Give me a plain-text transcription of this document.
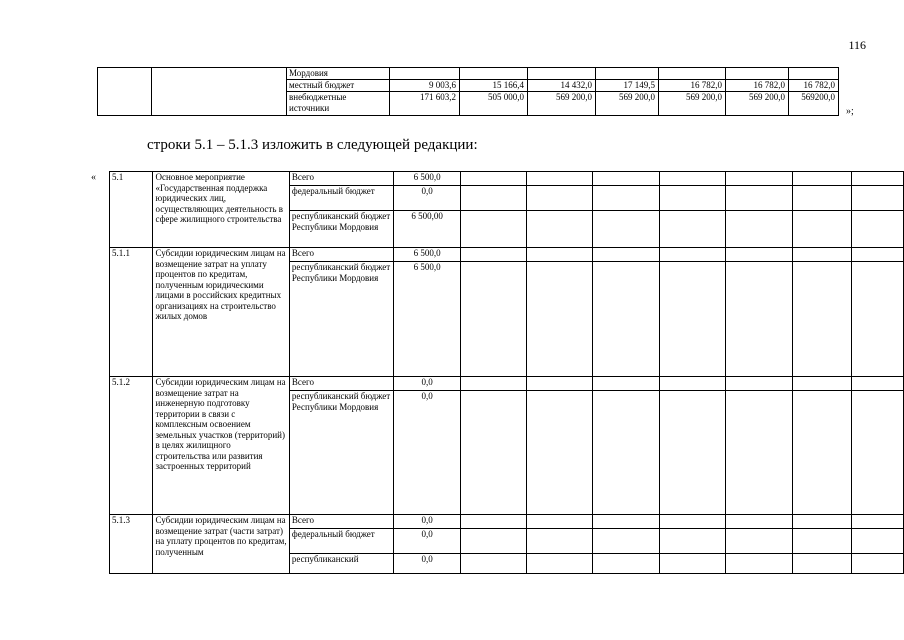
116
		Мордовия							
		местный бюджет	9 003,6	15 166,4	14 432,0	17 149,5	16 782,0	16 782,0	16 782,0
		внебюджетные источники	171 603,2	505 000,0	569 200,0	569 200,0	569 200,0	569 200,0	569200,0
»;
строки 5.1 – 5.1.3 изложить в следующей редакции:
« 5.1	Основное мероприятие «Государственная поддержка юридических лиц, осуществляющих деятельность в сфере жилищного строительства	Всего	6 500,0							
		федеральный бюджет	0,0							
		республиканский бюджет Республики Мордовия	6 500,00							
5.1.1	Субсидии юридическим лицам на возмещение затрат на уплату процентов по кредитам, полученным юридическими лицами в российских кредитных организациях на строительство жилых домов	Всего	6 500,0							
		республиканский бюджет Республики Мордовия	6 500,0							
5.1.2	Субсидии юридическим лицам на возмещение затрат на инженерную подготовку территории в связи с комплексным освоением земельных участков (территорий) в целях жилищного строительства или развития застроенных территорий	Всего	0,0							
		республиканский бюджет Республики Мордовия	0,0							
5.1.3	Субсидии юридическим лицам на возмещение затрат (части затрат) на уплату процентов по кредитам, полученным	Всего	0,0							
		федеральный бюджет	0,0							
		республиканский	0,0							
